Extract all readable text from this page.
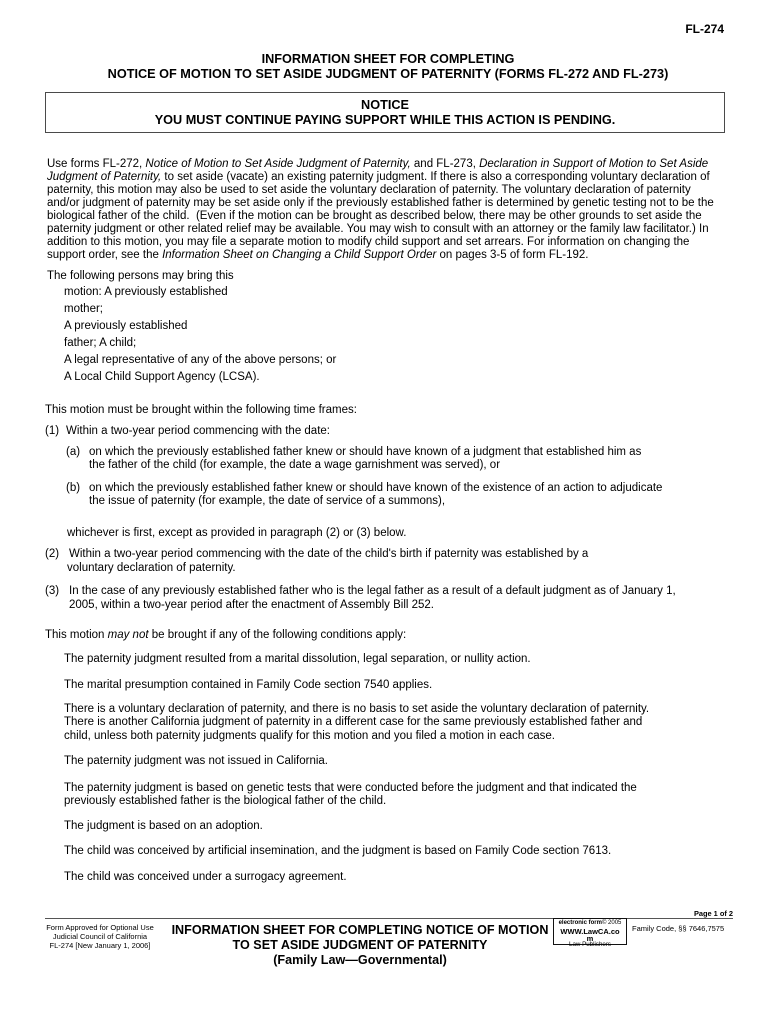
FL-274
INFORMATION SHEET FOR COMPLETING
NOTICE OF MOTION TO SET ASIDE JUDGMENT OF PATERNITY (FORMS FL-272 AND FL-273)
NOTICE
YOU MUST CONTINUE PAYING SUPPORT WHILE THIS ACTION IS PENDING.
Use forms FL-272, Notice of Motion to Set Aside Judgment of Paternity, and FL-273, Declaration in Support of Motion to Set Aside
Judgment of Paternity, to set aside (vacate) an existing paternity judgment. If there is also a corresponding voluntary declaration of
paternity, this motion may also be used to set aside the voluntary declaration of paternity. The voluntary declaration of paternity
and/or judgment of paternity may be set aside only if the previously established father is determined by genetic testing not to be the
biological father of the child.  (Even if the motion can be brought as described below, there may be other grounds to set aside the
paternity judgment or other related relief may be available. You may wish to consult with an attorney or the family law facilitator.) In
addition to this motion, you may file a separate motion to modify child support and set arrears. For information on changing the
support order, see the Information Sheet on Changing a Child Support Order on pages 3-5 of form FL-192.
The following persons may bring this
motion: A previously established
mother;
A previously established
father; A child;
A legal representative of any of the above persons; or
A Local Child Support Agency (LCSA).
This motion must be brought within the following time frames:
(1) Within a two-year period commencing with the date:
(a) on which the previously established father knew or should have known of a judgment that established him as
the father of the child (for example, the date a wage garnishment was served), or
(b) on which the previously established father knew or should have known of the existence of an action to adjudicate
the issue of paternity (for example, the date of service of a summons),
whichever is first, except as provided in paragraph (2) or (3) below.
(2) Within a two-year period commencing with the date of the child's birth if paternity was established by a
voluntary declaration of paternity.
(3) In the case of any previously established father who is the legal father as a result of a default judgment as of January 1,
2005, within a two-year period after the enactment of Assembly Bill 252.
This motion may not be brought if any of the following conditions apply:
The paternity judgment resulted from a marital dissolution, legal separation, or nullity action.
The marital presumption contained in Family Code section 7540 applies.
There is a voluntary declaration of paternity, and there is no basis to set aside the voluntary declaration of paternity.
There is another California judgment of paternity in a different case for the same previously established father and
child, unless both paternity judgments qualify for this motion and you filed a motion in each case.
The paternity judgment was not issued in California.
The paternity judgment is based on genetic tests that were conducted before the judgment and that indicated the
previously established father is the biological father of the child.
The judgment is based on an adoption.
The child was conceived by artificial insemination, and the judgment is based on Family Code section 7613.
The child was conceived under a surrogacy agreement.
Page 1 of 2
Form Approved for Optional Use
Judicial Council of California
FL-274 [New January 1, 2006]
INFORMATION SHEET FOR COMPLETING NOTICE OF MOTION
TO SET ASIDE JUDGMENT OF PATERNITY
(Family Law—Governmental)
electronic form© 2005
WWW.LawCA.co
m
Law Publishers
Family Code, §§ 7646,7575
